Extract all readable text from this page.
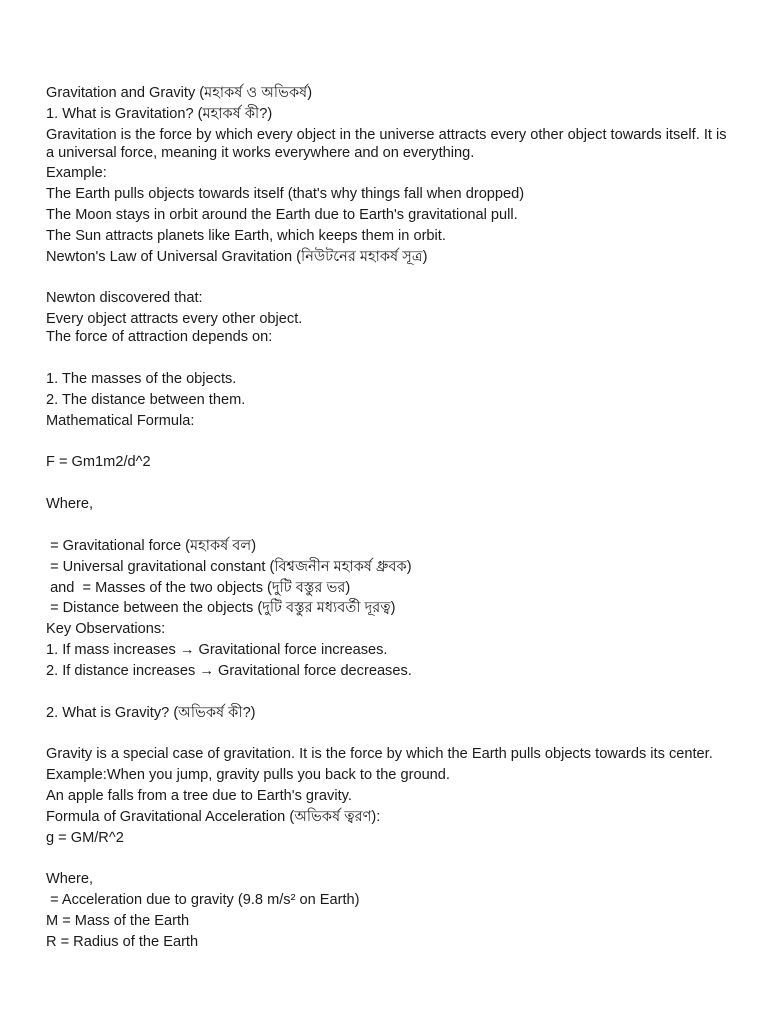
Gravitation and Gravity (মহাকর্ষ ও অভিকর্ষ)
1. What is Gravitation? (মহাকর্ষ কী?)
Gravitation is the force by which every object in the universe attracts every other object towards itself. It is a universal force, meaning it works everywhere and on everything.
Example:
The Earth pulls objects towards itself (that's why things fall when dropped)
The Moon stays in orbit around the Earth due to Earth's gravitational pull.
The Sun attracts planets like Earth, which keeps them in orbit.
Newton's Law of Universal Gravitation (নিউটনের মহাকর্ষ সূত্র)
Newton discovered that:
Every object attracts every other object.
The force of attraction depends on:
1. The masses of the objects.
2. The distance between them.
Mathematical Formula:
F = Gm1m2/d^2
Where,
= Gravitational force (মহাকর্ষ বল)
= Universal gravitational constant (বিশ্বজনীন মহাকর্ষ ধ্রুবক)
and  = Masses of the two objects (দুটি বস্তুর ভর)
= Distance between the objects (দুটি বস্তুর মধ্যবর্তী দূরত্ব)
Key Observations:
1. If mass increases → Gravitational force increases.
2. If distance increases → Gravitational force decreases.
2. What is Gravity? (অভিকর্ষ কী?)
Gravity is a special case of gravitation. It is the force by which the Earth pulls objects towards its center.
Example:When you jump, gravity pulls you back to the ground.
An apple falls from a tree due to Earth's gravity.
Formula of Gravitational Acceleration (অভিকর্ষ ত্বরণ):
g = GM/R^2
Where,
= Acceleration due to gravity (9.8 m/s² on Earth)
M = Mass of the Earth
R = Radius of the Earth
